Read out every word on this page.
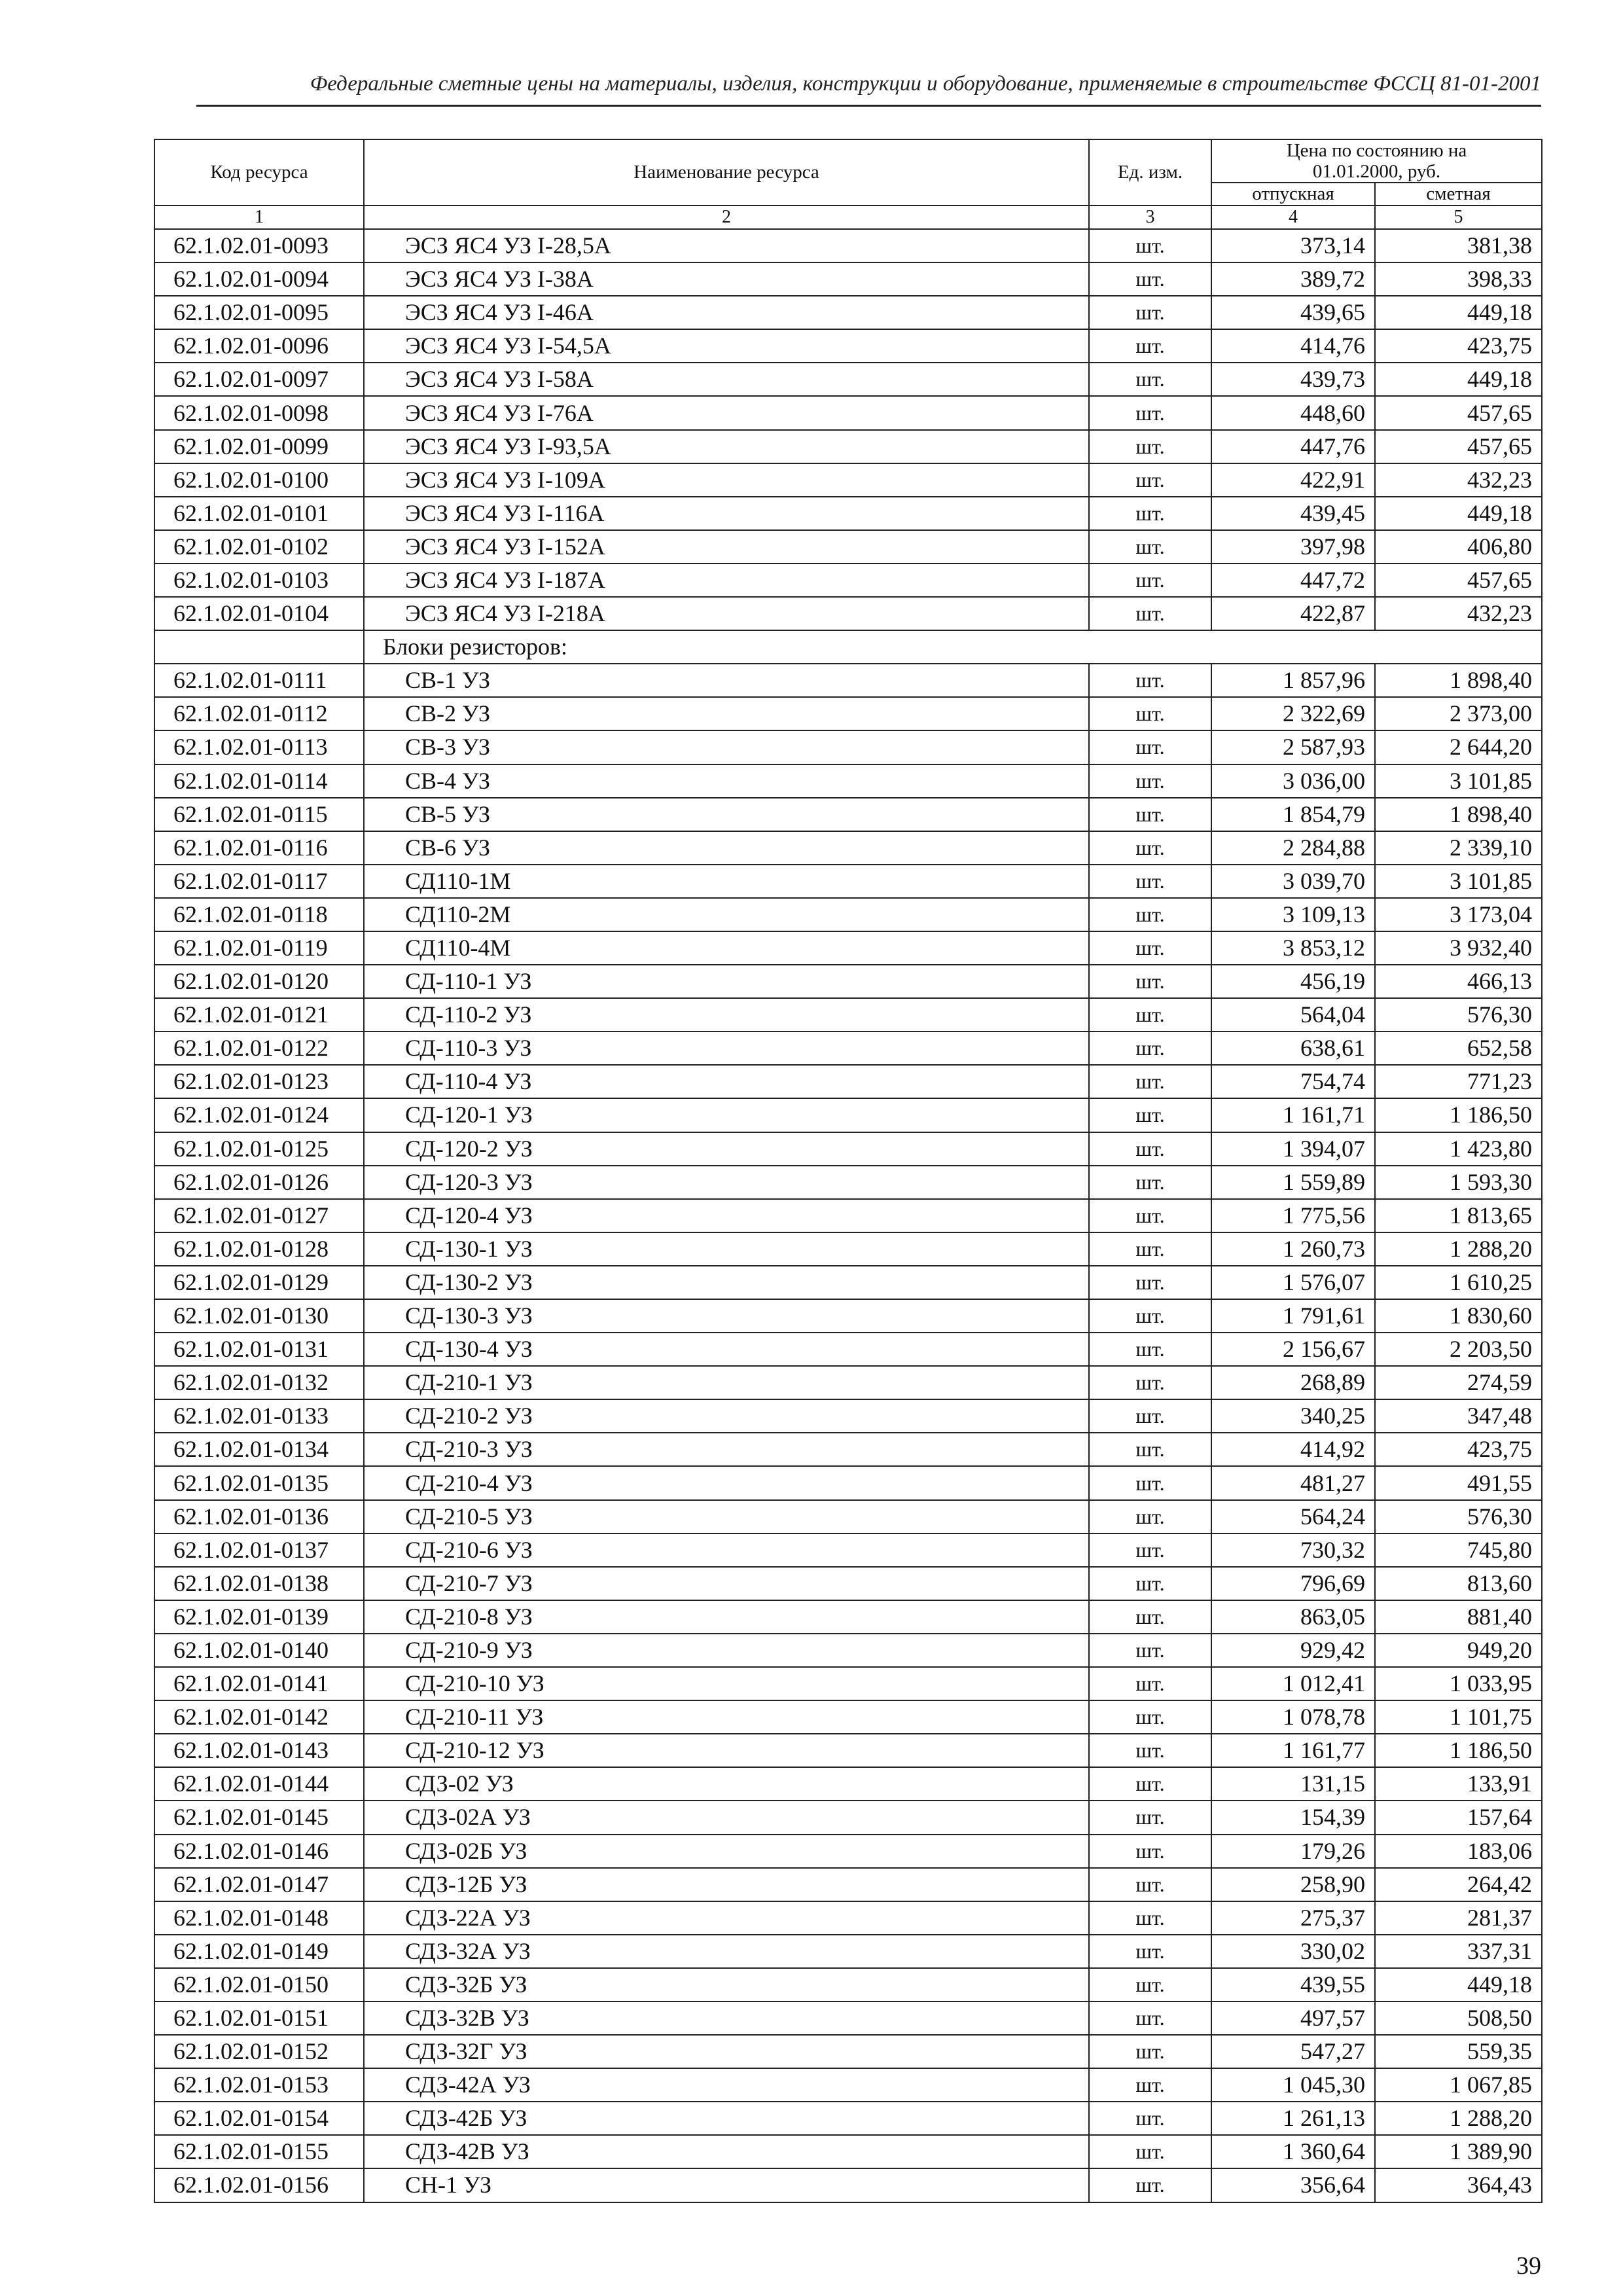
Федеральные сметные цены на материалы, изделия, конструкции и оборудование, применяемые в строительстве ФССЦ 81-01-2001
Код ресурса	Наименование ресурса	Ед. изм.	Цена по состоянию на 01.01.2000, руб.	
			отпускная	сметная
1	2	3	4	5
62.1.02.01-0093	ЭСЗ ЯС4 УЗ I-28,5А	шт.	373,14	381,38
62.1.02.01-0094	ЭСЗ ЯС4 УЗ I-38А	шт.	389,72	398,33
62.1.02.01-0095	ЭСЗ ЯС4 УЗ I-46А	шт.	439,65	449,18
62.1.02.01-0096	ЭСЗ ЯС4 УЗ I-54,5А	шт.	414,76	423,75
62.1.02.01-0097	ЭСЗ ЯС4 УЗ I-58А	шт.	439,73	449,18
62.1.02.01-0098	ЭСЗ ЯС4 УЗ I-76А	шт.	448,60	457,65
62.1.02.01-0099	ЭСЗ ЯС4 УЗ I-93,5А	шт.	447,76	457,65
62.1.02.01-0100	ЭСЗ ЯС4 УЗ I-109А	шт.	422,91	432,23
62.1.02.01-0101	ЭСЗ ЯС4 УЗ I-116А	шт.	439,45	449,18
62.1.02.01-0102	ЭСЗ ЯС4 УЗ I-152А	шт.	397,98	406,80
62.1.02.01-0103	ЭСЗ ЯС4 УЗ I-187А	шт.	447,72	457,65
62.1.02.01-0104	ЭСЗ ЯС4 УЗ I-218А	шт.	422,87	432,23
	Блоки резисторов:			
62.1.02.01-0111	СВ-1 УЗ	шт.	1 857,96	1 898,40
62.1.02.01-0112	СВ-2 УЗ	шт.	2 322,69	2 373,00
62.1.02.01-0113	СВ-3 УЗ	шт.	2 587,93	2 644,20
62.1.02.01-0114	СВ-4 УЗ	шт.	3 036,00	3 101,85
62.1.02.01-0115	СВ-5 УЗ	шт.	1 854,79	1 898,40
62.1.02.01-0116	СВ-6 УЗ	шт.	2 284,88	2 339,10
62.1.02.01-0117	СД110-1М	шт.	3 039,70	3 101,85
62.1.02.01-0118	СД110-2М	шт.	3 109,13	3 173,04
62.1.02.01-0119	СД110-4М	шт.	3 853,12	3 932,40
62.1.02.01-0120	СД-110-1 УЗ	шт.	456,19	466,13
62.1.02.01-0121	СД-110-2 УЗ	шт.	564,04	576,30
62.1.02.01-0122	СД-110-3 УЗ	шт.	638,61	652,58
62.1.02.01-0123	СД-110-4 УЗ	шт.	754,74	771,23
62.1.02.01-0124	СД-120-1 УЗ	шт.	1 161,71	1 186,50
62.1.02.01-0125	СД-120-2 УЗ	шт.	1 394,07	1 423,80
62.1.02.01-0126	СД-120-3 УЗ	шт.	1 559,89	1 593,30
62.1.02.01-0127	СД-120-4 УЗ	шт.	1 775,56	1 813,65
62.1.02.01-0128	СД-130-1 УЗ	шт.	1 260,73	1 288,20
62.1.02.01-0129	СД-130-2 УЗ	шт.	1 576,07	1 610,25
62.1.02.01-0130	СД-130-3 УЗ	шт.	1 791,61	1 830,60
62.1.02.01-0131	СД-130-4 УЗ	шт.	2 156,67	2 203,50
62.1.02.01-0132	СД-210-1 УЗ	шт.	268,89	274,59
62.1.02.01-0133	СД-210-2 УЗ	шт.	340,25	347,48
62.1.02.01-0134	СД-210-3 УЗ	шт.	414,92	423,75
62.1.02.01-0135	СД-210-4 УЗ	шт.	481,27	491,55
62.1.02.01-0136	СД-210-5 УЗ	шт.	564,24	576,30
62.1.02.01-0137	СД-210-6 УЗ	шт.	730,32	745,80
62.1.02.01-0138	СД-210-7 УЗ	шт.	796,69	813,60
62.1.02.01-0139	СД-210-8 УЗ	шт.	863,05	881,40
62.1.02.01-0140	СД-210-9 УЗ	шт.	929,42	949,20
62.1.02.01-0141	СД-210-10 УЗ	шт.	1 012,41	1 033,95
62.1.02.01-0142	СД-210-11 УЗ	шт.	1 078,78	1 101,75
62.1.02.01-0143	СД-210-12 УЗ	шт.	1 161,77	1 186,50
62.1.02.01-0144	СДЗ-02 УЗ	шт.	131,15	133,91
62.1.02.01-0145	СДЗ-02А УЗ	шт.	154,39	157,64
62.1.02.01-0146	СДЗ-02Б УЗ	шт.	179,26	183,06
62.1.02.01-0147	СДЗ-12Б УЗ	шт.	258,90	264,42
62.1.02.01-0148	СДЗ-22А УЗ	шт.	275,37	281,37
62.1.02.01-0149	СДЗ-32А УЗ	шт.	330,02	337,31
62.1.02.01-0150	СДЗ-32Б УЗ	шт.	439,55	449,18
62.1.02.01-0151	СДЗ-32В УЗ	шт.	497,57	508,50
62.1.02.01-0152	СДЗ-32Г УЗ	шт.	547,27	559,35
62.1.02.01-0153	СДЗ-42А УЗ	шт.	1 045,30	1 067,85
62.1.02.01-0154	СДЗ-42Б УЗ	шт.	1 261,13	1 288,20
62.1.02.01-0155	СДЗ-42В УЗ	шт.	1 360,64	1 389,90
62.1.02.01-0156	СН-1 УЗ	шт.	356,64	364,43
39
